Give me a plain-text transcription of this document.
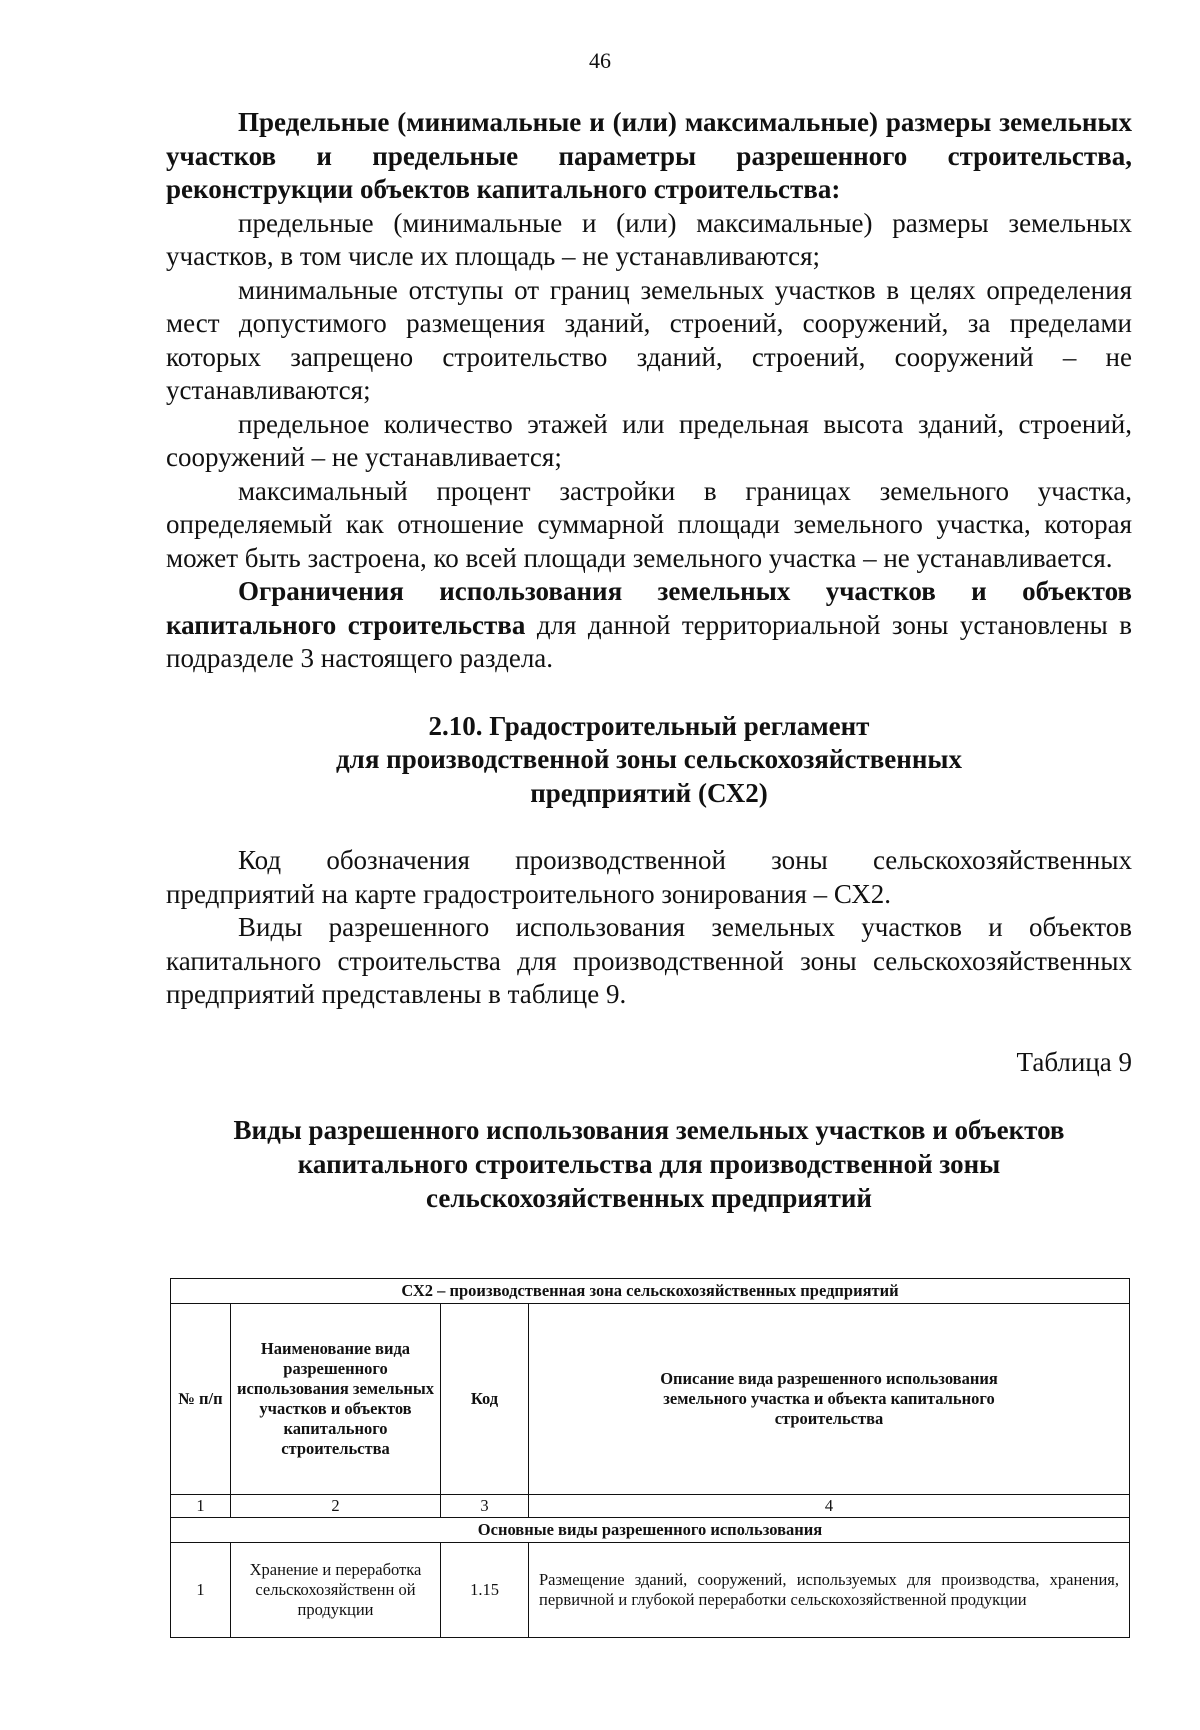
46

Предельные (минимальные и (или) максимальные) размеры земельных участков и предельные параметры разрешенного строительства, реконструкции объектов капитального строительства:

предельные (минимальные и (или) максимальные) размеры земельных участков, в том числе их площадь – не устанавливаются;

минимальные отступы от границ земельных участков в целях определения мест допустимого размещения зданий, строений, сооружений, за пределами которых запрещено строительство зданий, строений, сооружений – не устанавливаются;

предельное количество этажей или предельная высота зданий, строений, сооружений – не устанавливается;

максимальный процент застройки в границах земельного участка, определяемый как отношение суммарной площади земельного участка, которая может быть застроена, ко всей площади земельного участка – не устанавливается.

Ограничения использования земельных участков и объектов капитального строительства для данной территориальной зоны установлены в подразделе 3 настоящего раздела.

2.10. Градостроительный регламент

для производственной зоны сельскохозяйственных

предприятий (СХ2)

Код обозначения производственной зоны сельскохозяйственных предприятий на карте градостроительного зонирования – СХ2.

Виды разрешенного использования земельных участков и объектов капитального строительства для производственной зоны сельскохозяйственных предприятий представлены в таблице 9.

Таблица 9

Виды разрешенного использования земельных участков и объектов

капитального строительства для производственной зоны

сельскохозяйственных предприятий

СХ2 – производственная зона сельскохозяйственных предприятий			
№ п/п	Наименование вида разрешенного использования земельных участков и объектов капитального строительства	Код	Описание вида разрешенного использования земельного участка и объекта капитального строительства
1	2	3	4
Основные виды разрешенного использования			
1	Хранение и переработка сельскохозяйственн ой продукции	1.15	Размещение зданий, сооружений, используемых для производства, хранения, первичной и глубокой переработки сельскохозяйственной продукции
